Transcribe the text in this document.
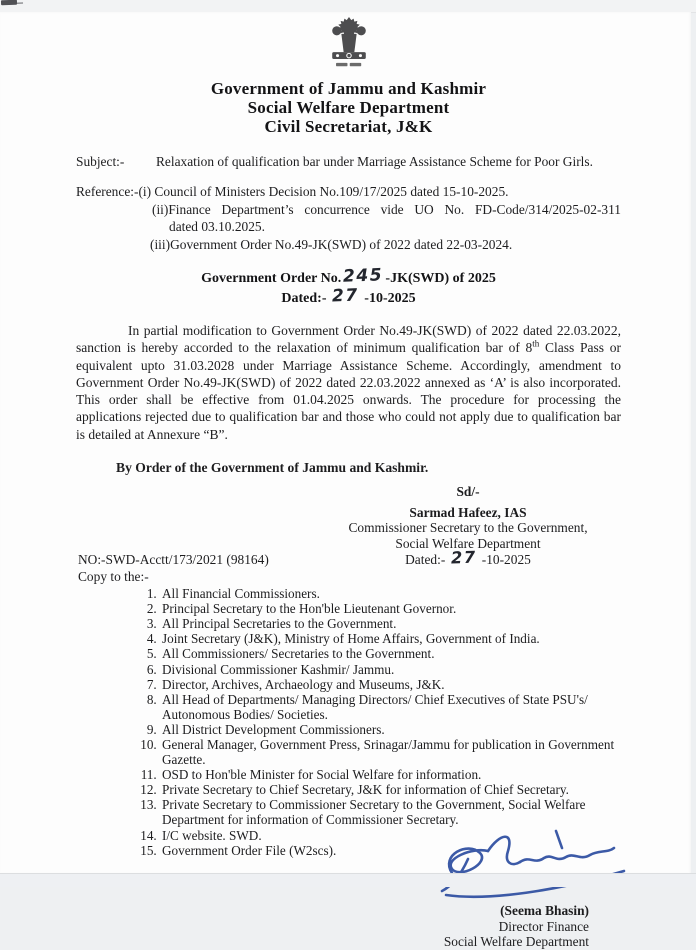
Government of Jammu and Kashmir
Social Welfare Department
Civil Secretariat, J&K
Subject:-	Relaxation of qualification bar under Marriage Assistance Scheme for Poor Girls.
Reference:-(i) Council of Ministers Decision No.109/17/2025 dated 15-10-2025.
(ii)Finance Department’s concurrence vide UO No. FD-Code/314/2025-02-311
dated 03.10.2025.
(iii)Government Order No.49-JK(SWD) of 2022 dated 22-03-2024.
Government Order No.245 -JK(SWD) of 2025
Dated:- 27 -10-2025
In partial modification to Government Order No.49-JK(SWD) of 2022 dated 22.03.2022, sanction is hereby accorded to the relaxation of minimum qualification bar of 8th Class Pass or equivalent upto 31.03.2028 under Marriage Assistance Scheme. Accordingly, amendment to Government Order No.49-JK(SWD) of 2022 dated 22.03.2022 annexed as ‘A’ is also incorporated. This order shall be effective from 01.04.2025 onwards. The procedure for processing the applications rejected due to qualification bar and those who could not apply due to qualification bar is detailed at Annexure “B”.
By Order of the Government of Jammu and Kashmir.
Sd/-
Sarmad Hafeez, IAS
Commissioner Secretary to the Government,
Social Welfare Department
Dated:- 27 -10-2025
NO:-SWD-Acctt/173/2021 (98164)
Copy to the:-
1. All Financial Commissioners.
2. Principal Secretary to the Hon'ble Lieutenant Governor.
3. All Principal Secretaries to the Government.
4. Joint Secretary (J&K), Ministry of Home Affairs, Government of India.
5. All Commissioners/ Secretaries to the Government.
6. Divisional Commissioner Kashmir/ Jammu.
7. Director, Archives, Archaeology and Museums, J&K.
8. All Head of Departments/ Managing Directors/ Chief Executives of State PSU's/ Autonomous Bodies/ Societies.
9. All District Development Commissioners.
10. General Manager, Government Press, Srinagar/Jammu for publication in Government Gazette.
11. OSD to Hon'ble Minister for Social Welfare for information.
12. Private Secretary to Chief Secretary, J&K for information of Chief Secretary.
13. Private Secretary to Commissioner Secretary to the Government, Social Welfare Department for information of Commissioner Secretary.
14. I/C website. SWD.
15. Government Order File (W2scs).
(Seema Bhasin)
Director Finance
Social Welfare Department
